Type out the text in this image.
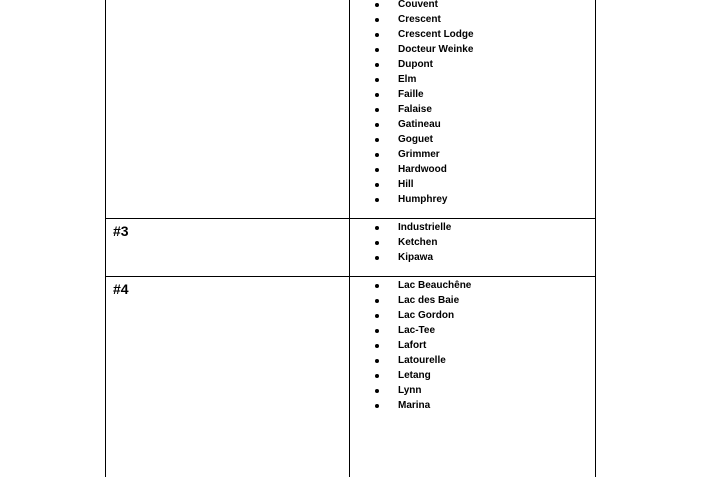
Couvent
Crescent
Crescent Lodge
Docteur Weinke
Dupont
Elm
Faille
Falaise
Gatineau
Goguet
Grimmer
Hardwood
Hill
Humphrey
#3	Industrielle
Ketchen
Kipawa
#4	Lac Beauchêne
Lac des Baie
Lac Gordon
Lac-Tee
Lafort
Latourelle
Letang
Lynn
Marina
